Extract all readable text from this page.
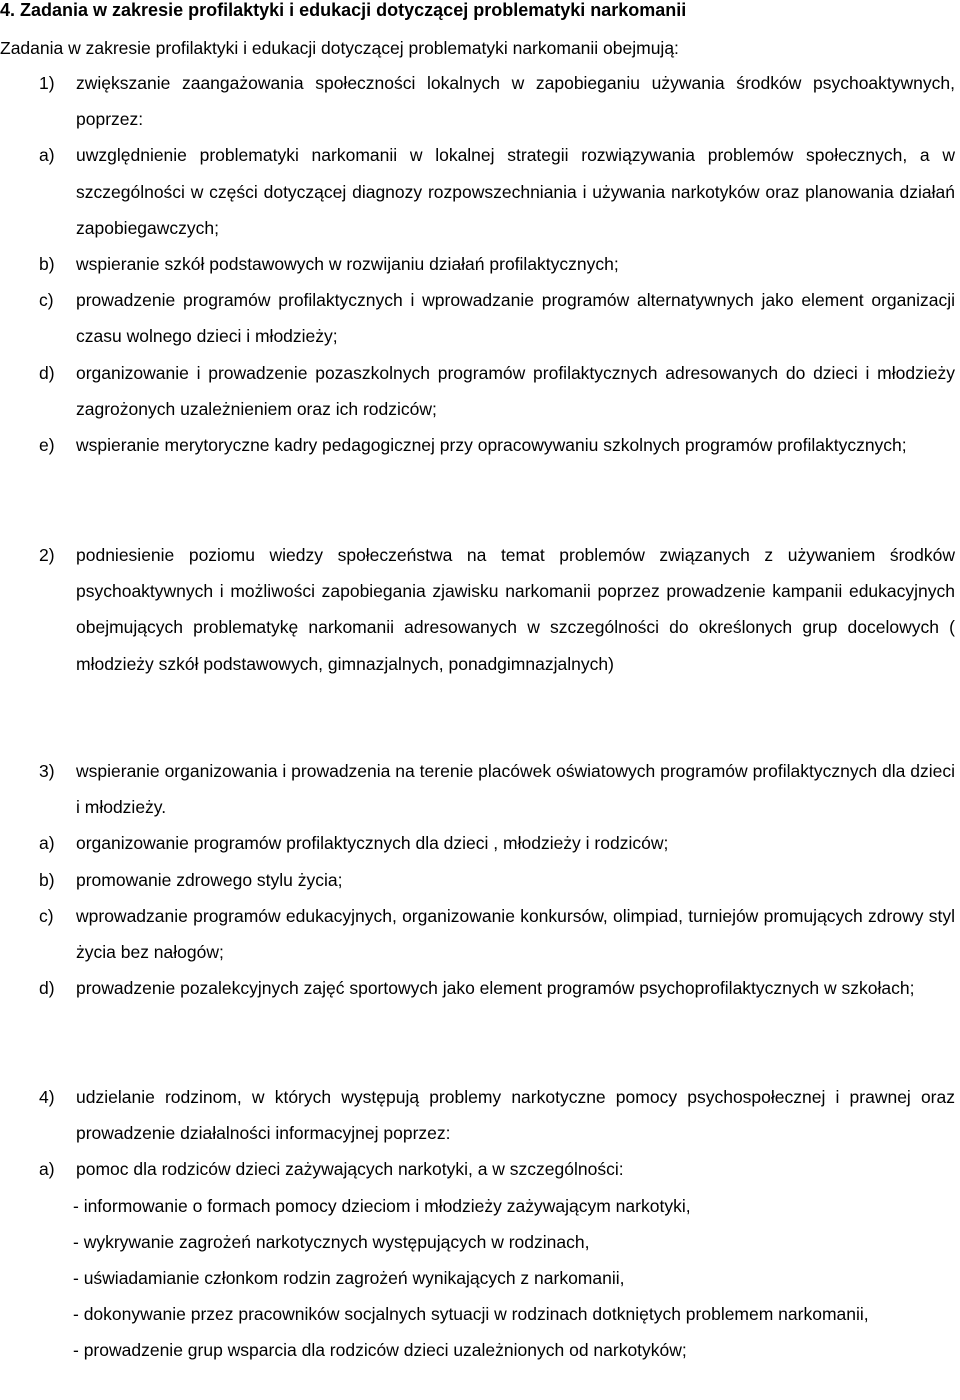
4. Zadania w zakresie profilaktyki i edukacji dotyczącej problematyki narkomanii
Zadania w zakresie profilaktyki i edukacji dotyczącej problematyki narkomanii obejmują:
1)	zwiększanie zaangażowania społeczności lokalnych w zapobieganiu używania środków psychoaktywnych, poprzez:
a)	uwzględnienie problematyki narkomanii w lokalnej strategii rozwiązywania problemów społecznych, a w szczególności w części dotyczącej diagnozy rozpowszechniania i używania narkotyków oraz planowania działań zapobiegawczych;
b)	wspieranie szkół podstawowych w rozwijaniu działań profilaktycznych;
c)	prowadzenie programów profilaktycznych i wprowadzanie programów alternatywnych jako element organizacji czasu wolnego dzieci i młodzieży;
d)	organizowanie i prowadzenie pozaszkolnych programów profilaktycznych adresowanych do dzieci i młodzieży zagrożonych uzależnieniem oraz ich rodziców;
e)	wspieranie merytoryczne kadry pedagogicznej przy opracowywaniu szkolnych programów profilaktycznych;
2)	podniesienie poziomu wiedzy społeczeństwa na temat problemów związanych z używaniem środków psychoaktywnych i możliwości zapobiegania zjawisku narkomanii poprzez prowadzenie kampanii edukacyjnych obejmujących problematykę narkomanii adresowanych w szczególności do określonych grup docelowych ( młodzieży szkół podstawowych, gimnazjalnych, ponadgimnazjalnych)
3)	wspieranie organizowania i prowadzenia na terenie placówek oświatowych programów profilaktycznych dla dzieci i młodzieży.
a)	organizowanie programów profilaktycznych dla dzieci , młodzieży i rodziców;
b)	promowanie zdrowego stylu życia;
c)	wprowadzanie programów edukacyjnych, organizowanie konkursów, olimpiad, turniejów promujących zdrowy styl życia bez nałogów;
d)	prowadzenie pozalekcyjnych zajęć sportowych jako element programów psychoprofilaktycznych w szkołach;
4)	udzielanie rodzinom, w których występują problemy narkotyczne pomocy psychospołecznej i prawnej oraz prowadzenie działalności informacyjnej poprzez:
a)	pomoc dla rodziców dzieci zażywających narkotyki, a w szczególności:
- informowanie o formach pomocy dzieciom i młodzieży zażywającym narkotyki,
- wykrywanie zagrożeń narkotycznych występujących w rodzinach,
- uświadamianie członkom rodzin zagrożeń wynikających z narkomanii,
- dokonywanie przez pracowników socjalnych sytuacji w rodzinach dotkniętych problemem narkomanii,
- prowadzenie grup wsparcia dla rodziców dzieci uzależnionych od narkotyków;
